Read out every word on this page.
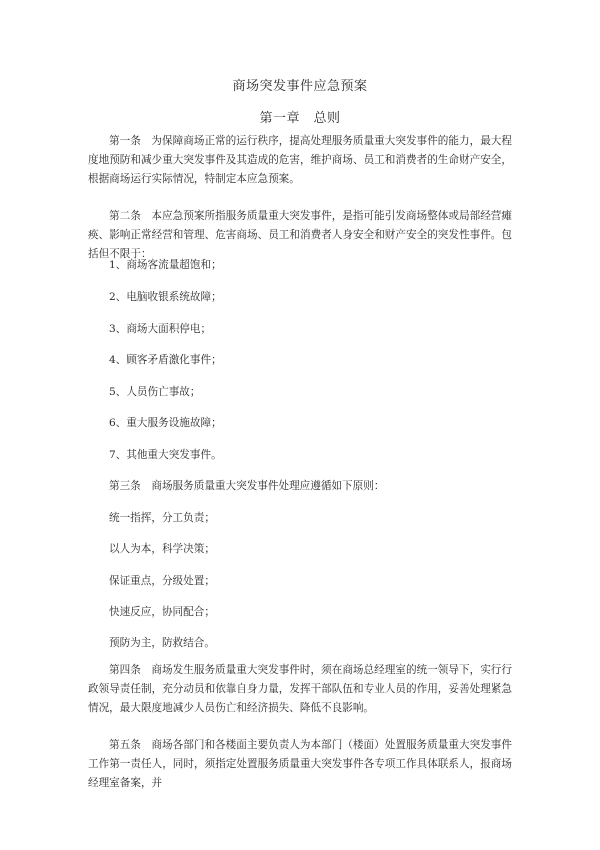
商场突发事件应急预案
第一章　总则

第一条　为保障商场正常的运行秩序，提高处理服务质量重大突发事件的能力，最大程度地预防和减少重大突发事件及其造成的危害，维护商场、员工和消费者的生命财产安全，根据商场运行实际情况，特制定本应急预案。

第二条　本应急预案所指服务质量重大突发事件，是指可能引发商场整体或局部经营瘫痪、影响正常经营和管理、危害商场、员工和消费者人身安全和财产安全的突发性事件。包括但不限于：

1、商场客流量超饱和；

2、电脑收银系统故障；

3、商场大面积停电；

4、顾客矛盾激化事件；

5、人员伤亡事故；

6、重大服务设施故障；

7、其他重大突发事件。

第三条　商场服务质量重大突发事件处理应遵循如下原则：

统一指挥，分工负责；

以人为本，科学决策；

保证重点，分级处置；

快速反应，协同配合；

预防为主，防救结合。

第四条　商场发生服务质量重大突发事件时，须在商场总经理室的统一领导下，实行行政领导责任制，充分动员和依靠自身力量，发挥干部队伍和专业人员的作用，妥善处理紧急情况，最大限度地减少人员伤亡和经济损失、降低不良影响。

第五条　商场各部门和各楼面主要负责人为本部门（楼面）处置服务质量重大突发事件工作第一责任人，同时，须指定处置服务质量重大突发事件各专项工作具体联系人，报商场经理室备案，并
